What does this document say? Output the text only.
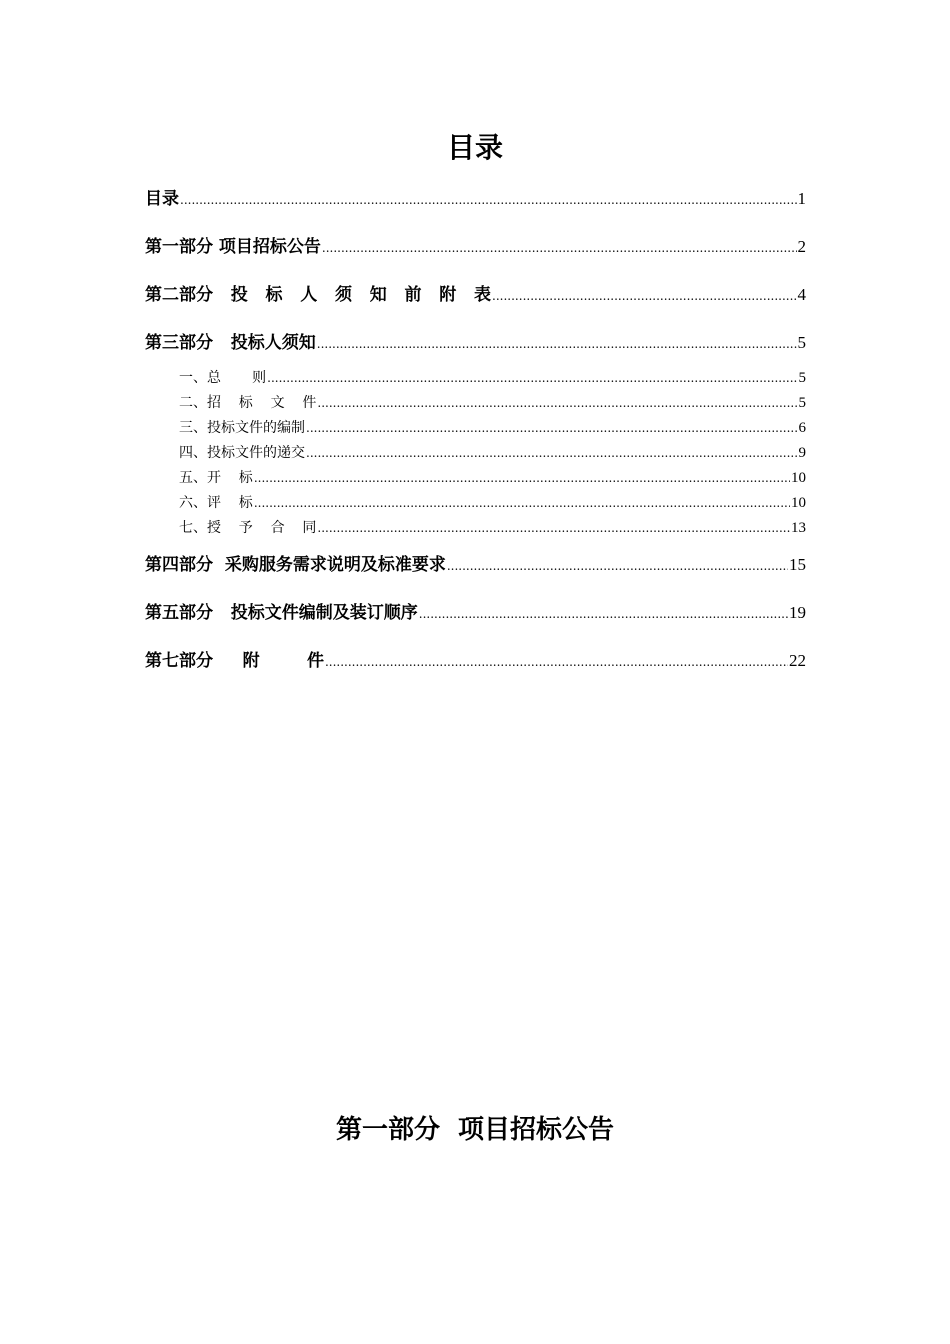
目录
目录 .....	1
第一部分 项目招标公告 .....	2
第二部分   投   标   人   须   知   前   附   表 .....	4
第三部分   投标人须知 .....	5
一、总       则 .....	5
二、招    标    文    件 .....	5
三、投标文件的编制 .....	6
四、投标文件的递交 .....	9
五、开    标 .....	10
六、评    标 .....	10
七、授    予    合    同 .....	13
第四部分  采购服务需求说明及标准要求 .....	15
第五部分   投标文件编制及装订顺序 .....	19
第七部分     附        件 .....	22
第一部分  项目招标公告
